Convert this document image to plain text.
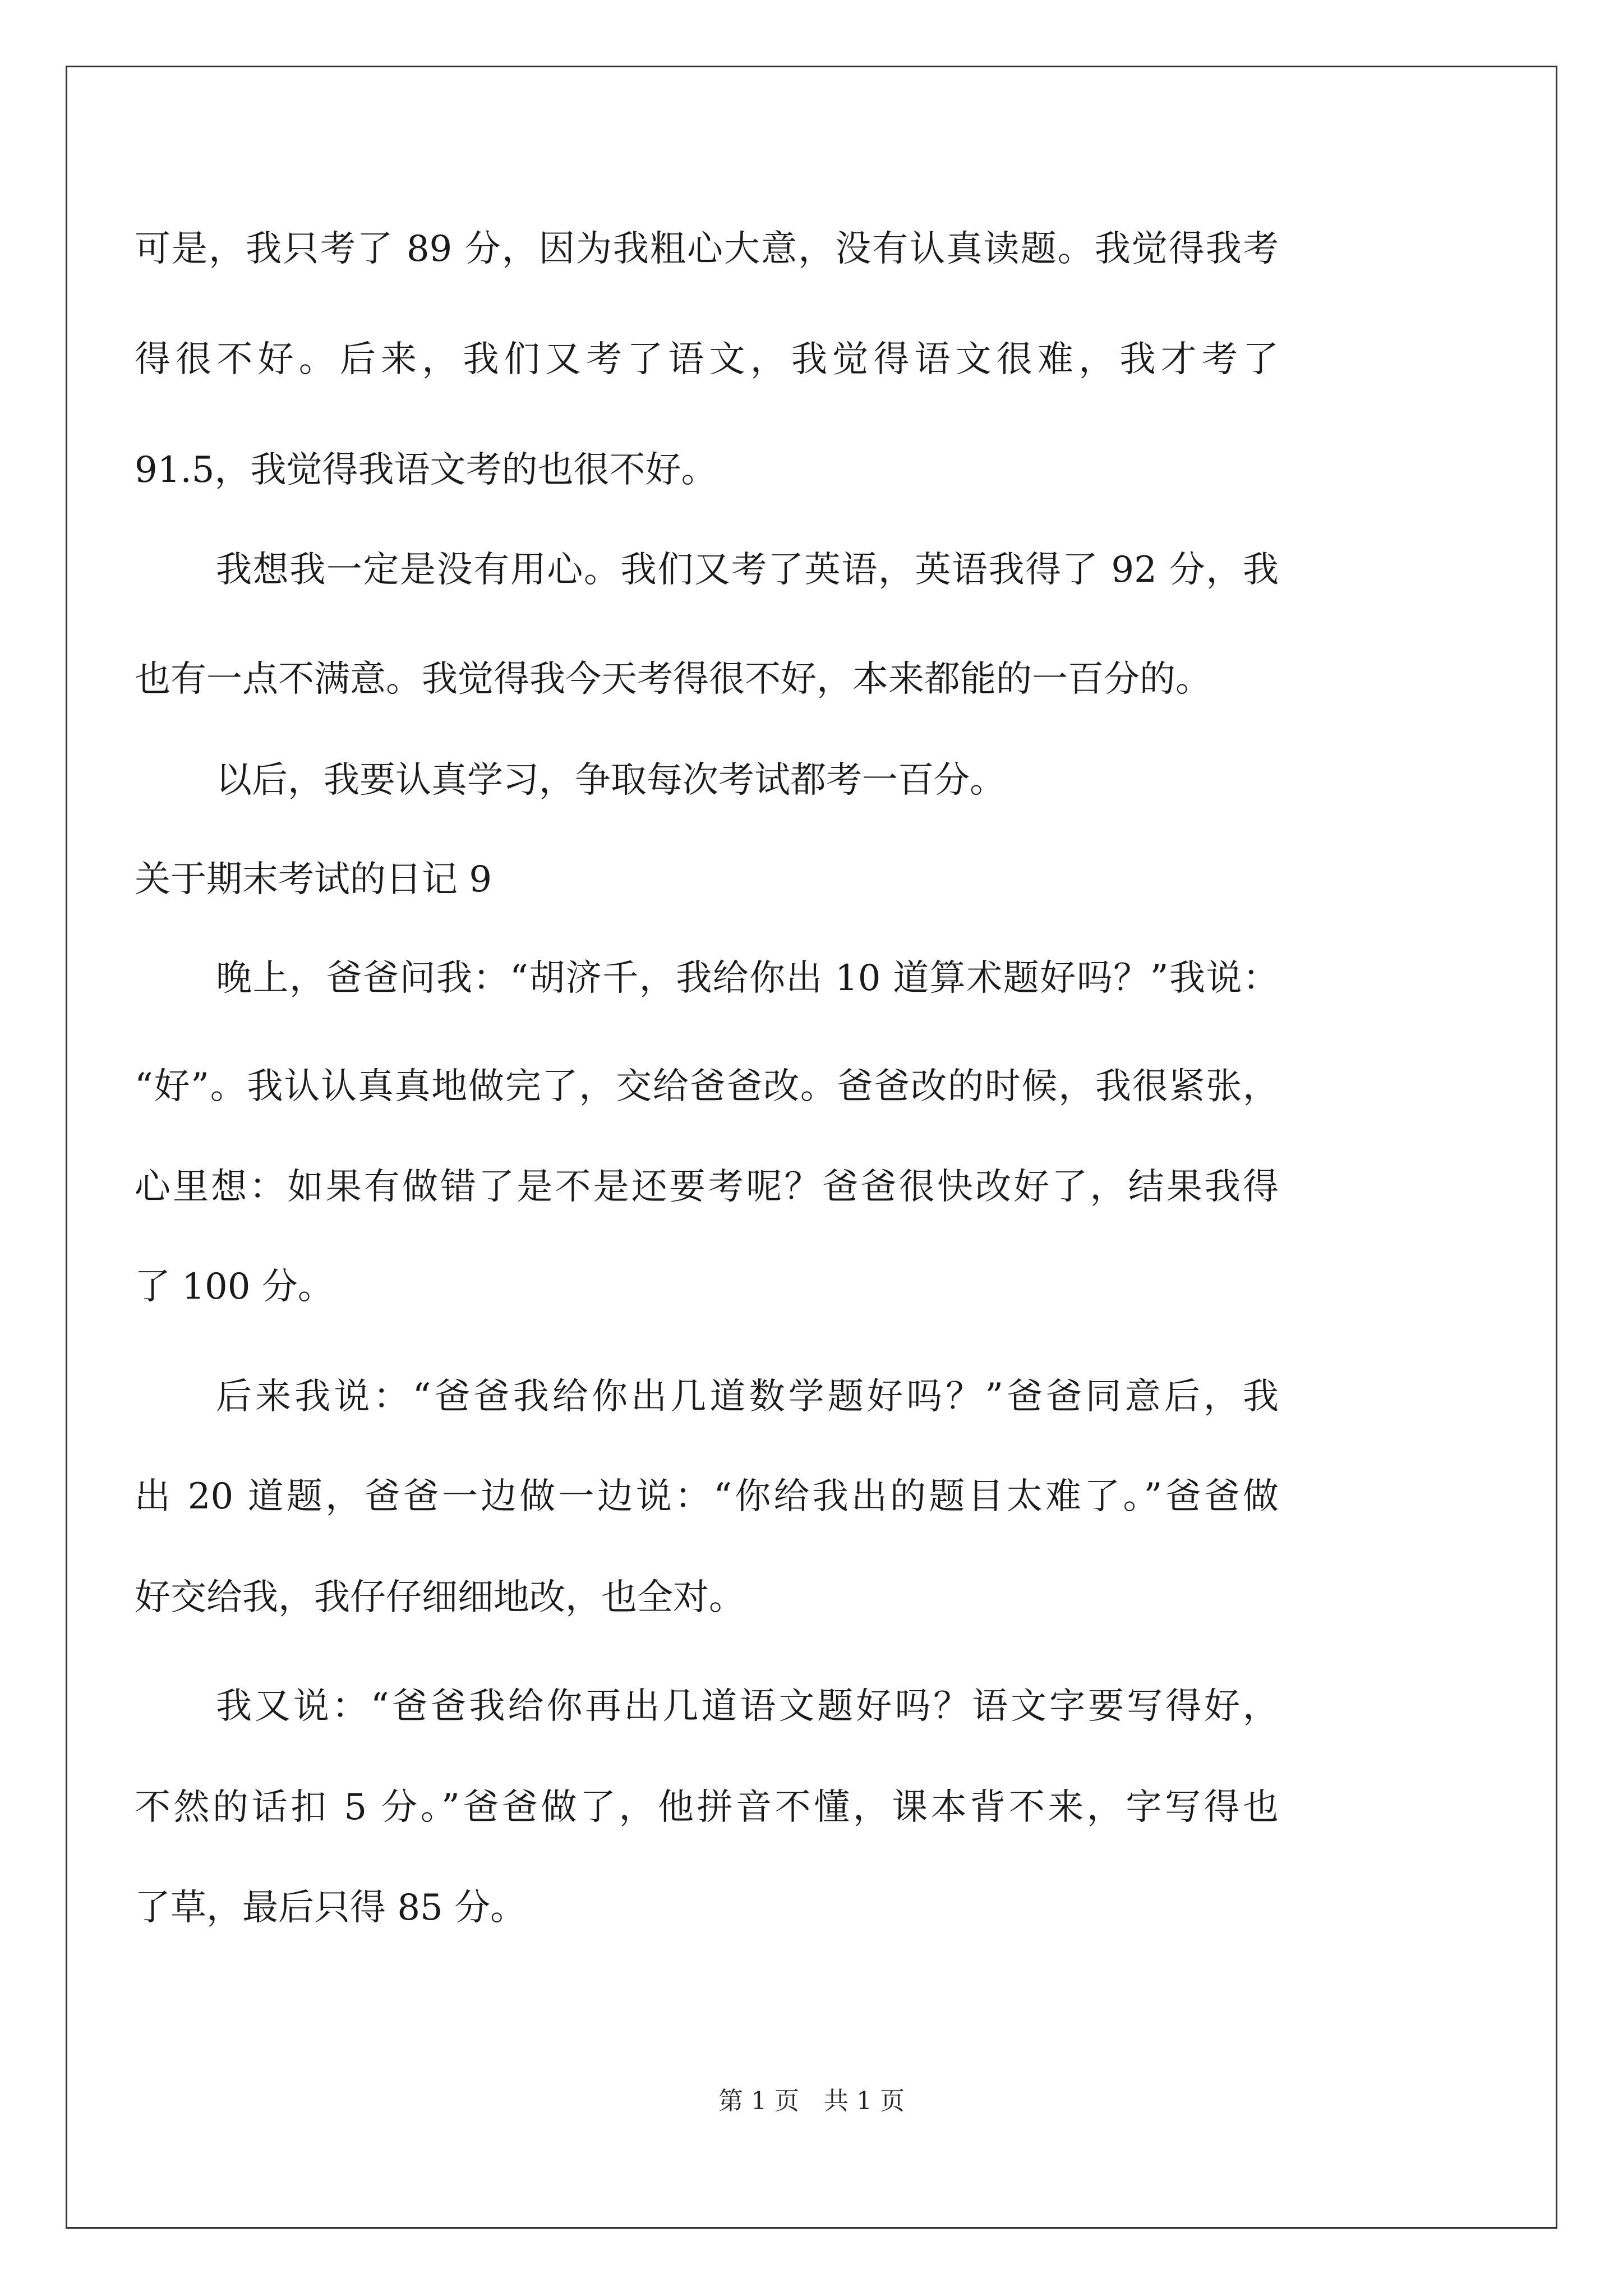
可是，我只考了 89 分，因为我粗心大意，没有认真读题。我觉得我考
得很不好。后来，我们又考了语文，我觉得语文很难，我才考了
91.5，我觉得我语文考的也很不好。
我想我一定是没有用心。我们又考了英语，英语我得了 92 分，我
也有一点不满意。我觉得我今天考得很不好，本来都能的一百分的。
以后，我要认真学习，争取每次考试都考一百分。
关于期末考试的日记 9
晚上，爸爸问我：“胡济千，我给你出 10 道算术题好吗？”我说：
“好”。我认认真真地做完了，交给爸爸改。爸爸改的时候，我很紧张，
心里想：如果有做错了是不是还要考呢？爸爸很快改好了，结果我得
了 100 分。
后来我说：“爸爸我给你出几道数学题好吗？”爸爸同意后，我
出 20 道题，爸爸一边做一边说：“你给我出的题目太难了。”爸爸做
好交给我，我仔仔细细地改，也全对。
我又说：“爸爸我给你再出几道语文题好吗？语文字要写得好，
不然的话扣 5 分。”爸爸做了，他拼音不懂，课本背不来，字写得也
了草，最后只得 85 分。
第 1 页　共 1 页
